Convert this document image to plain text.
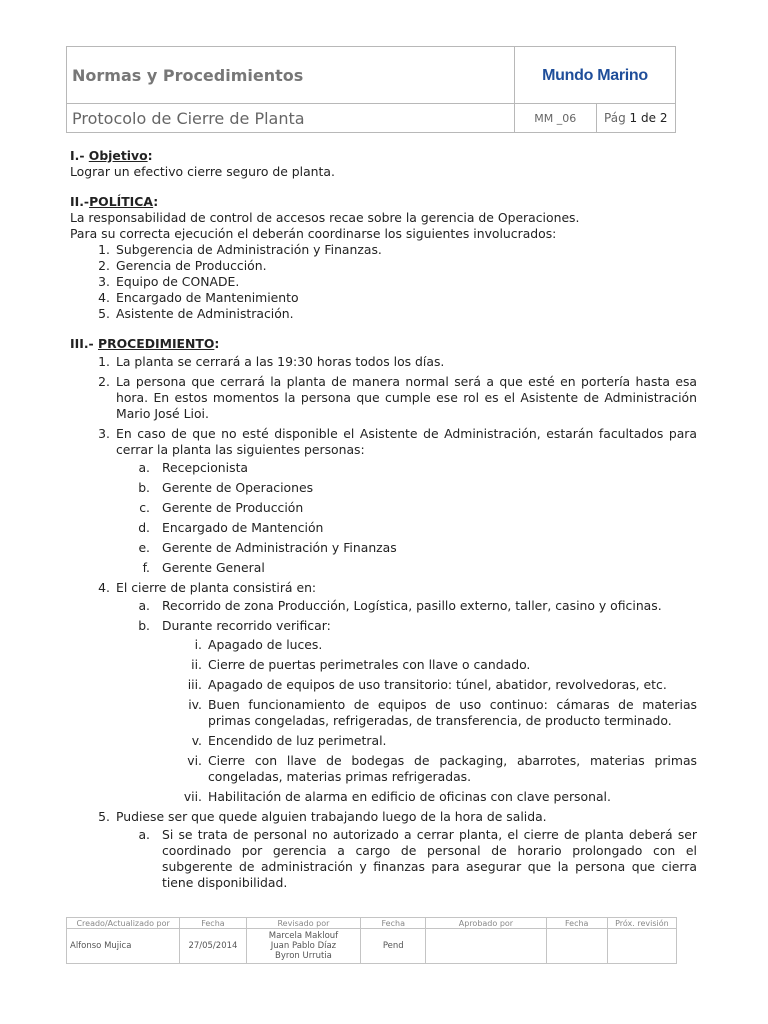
Normas y Procedimientos	Mundo Marino	
Protocolo de Cierre de Planta	MM _06	Pág 1 de 2

I.- Objetivo:

Lograr un efectivo cierre seguro de planta.

II.-POLÍTICA:

La responsabilidad de control de accesos recae sobre la gerencia de Operaciones.

Para su correcta ejecución el deberán coordinarse los siguientes involucrados:

1. Subgerencia de Administración y Finanzas.
2. Gerencia de Producción.
3. Equipo de CONADE.
4. Encargado de Mantenimiento
5. Asistente de Administración.

III.- PROCEDIMIENTO:

1. La planta se cerrará a las 19:30 horas todos los días.
2. La persona que cerrará la planta de manera normal será a que esté en portería hasta esa hora. En estos momentos la persona que cumple ese rol es el Asistente de Administración Mario José Lioi.
3. En caso de que no esté disponible el Asistente de Administración, estarán facultados para cerrar la planta las siguientes personas:
a. Recepcionista
b. Gerente de Operaciones
c. Gerente de Producción
d. Encargado de Mantención
e. Gerente de Administración y Finanzas
f. Gerente General
4. El cierre de planta consistirá en:
a. Recorrido de zona Producción, Logística, pasillo externo, taller, casino y oficinas.
b. Durante recorrido verificar:
i. Apagado de luces.
ii. Cierre de puertas perimetrales con llave o candado.
iii. Apagado de equipos de uso transitorio: túnel, abatidor, revolvedoras, etc.
iv. Buen funcionamiento de equipos de uso continuo: cámaras de materias primas congeladas, refrigeradas, de transferencia, de producto terminado.
v. Encendido de luz perimetral.
vi. Cierre con llave de bodegas de packaging, abarrotes, materias primas congeladas, materias primas refrigeradas.
vii. Habilitación de alarma en edificio de oficinas con clave personal.
5. Pudiese ser que quede alguien trabajando luego de la hora de salida.
a. Si se trata de personal no autorizado a cerrar planta, el cierre de planta deberá ser coordinado por gerencia a cargo de personal de horario prolongado con el subgerente de administración y finanzas para asegurar que la persona que cierra tiene disponibilidad.
Creado/Actualizado por	Fecha	Revisado por	Fecha	Aprobado por	Fecha	Próx. revisión
Alfonso Mujica	27/05/2014	Marcela Maklouf
Juan Pablo Díaz
Byron Urrutia	Pend			
